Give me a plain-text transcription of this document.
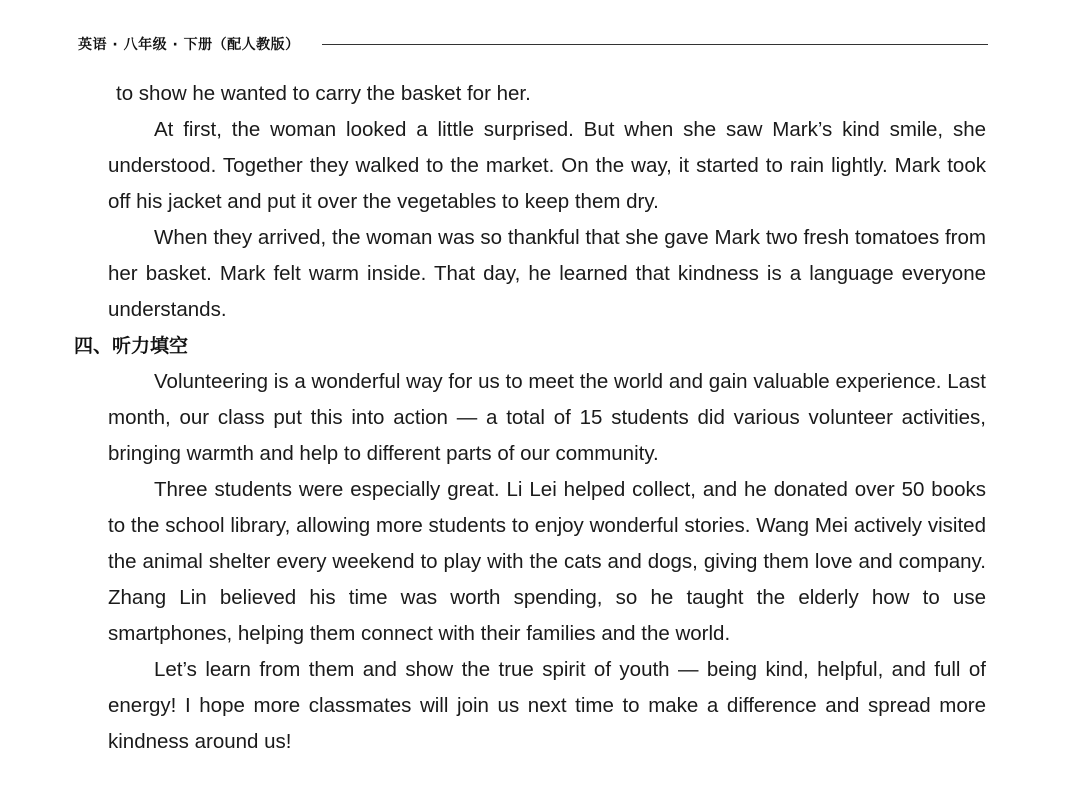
英语 · 八年级 · 下册（配人教版）

to show he wanted to carry the basket for her.

At first, the woman looked a little surprised. But when she saw Mark’s kind smile, she understood. Together they walked to the market. On the way, it started to rain lightly. Mark took off his jacket and put it over the vegetables to keep them dry.

When they arrived, the woman was so thankful that she gave Mark two fresh tomatoes from her basket. Mark felt warm inside. That day, he learned that kindness is a language everyone understands.

四、听力填空

Volunteering is a wonderful way for us to meet the world and gain valuable experience. Last month, our class put this into action — a total of 15 students did various volunteer activities, bringing warmth and help to different parts of our community.

Three students were especially great. Li Lei helped collect, and he donated over 50 books to the school library, allowing more students to enjoy wonderful stories. Wang Mei actively visited the animal shelter every weekend to play with the cats and dogs, giving them love and company. Zhang Lin believed his time was worth spending, so he taught the elderly how to use smartphones, helping them connect with their families and the world.

Let’s learn from them and show the true spirit of youth — being kind, helpful, and full of energy! I hope more classmates will join us next time to make a difference and spread more kindness around us!
